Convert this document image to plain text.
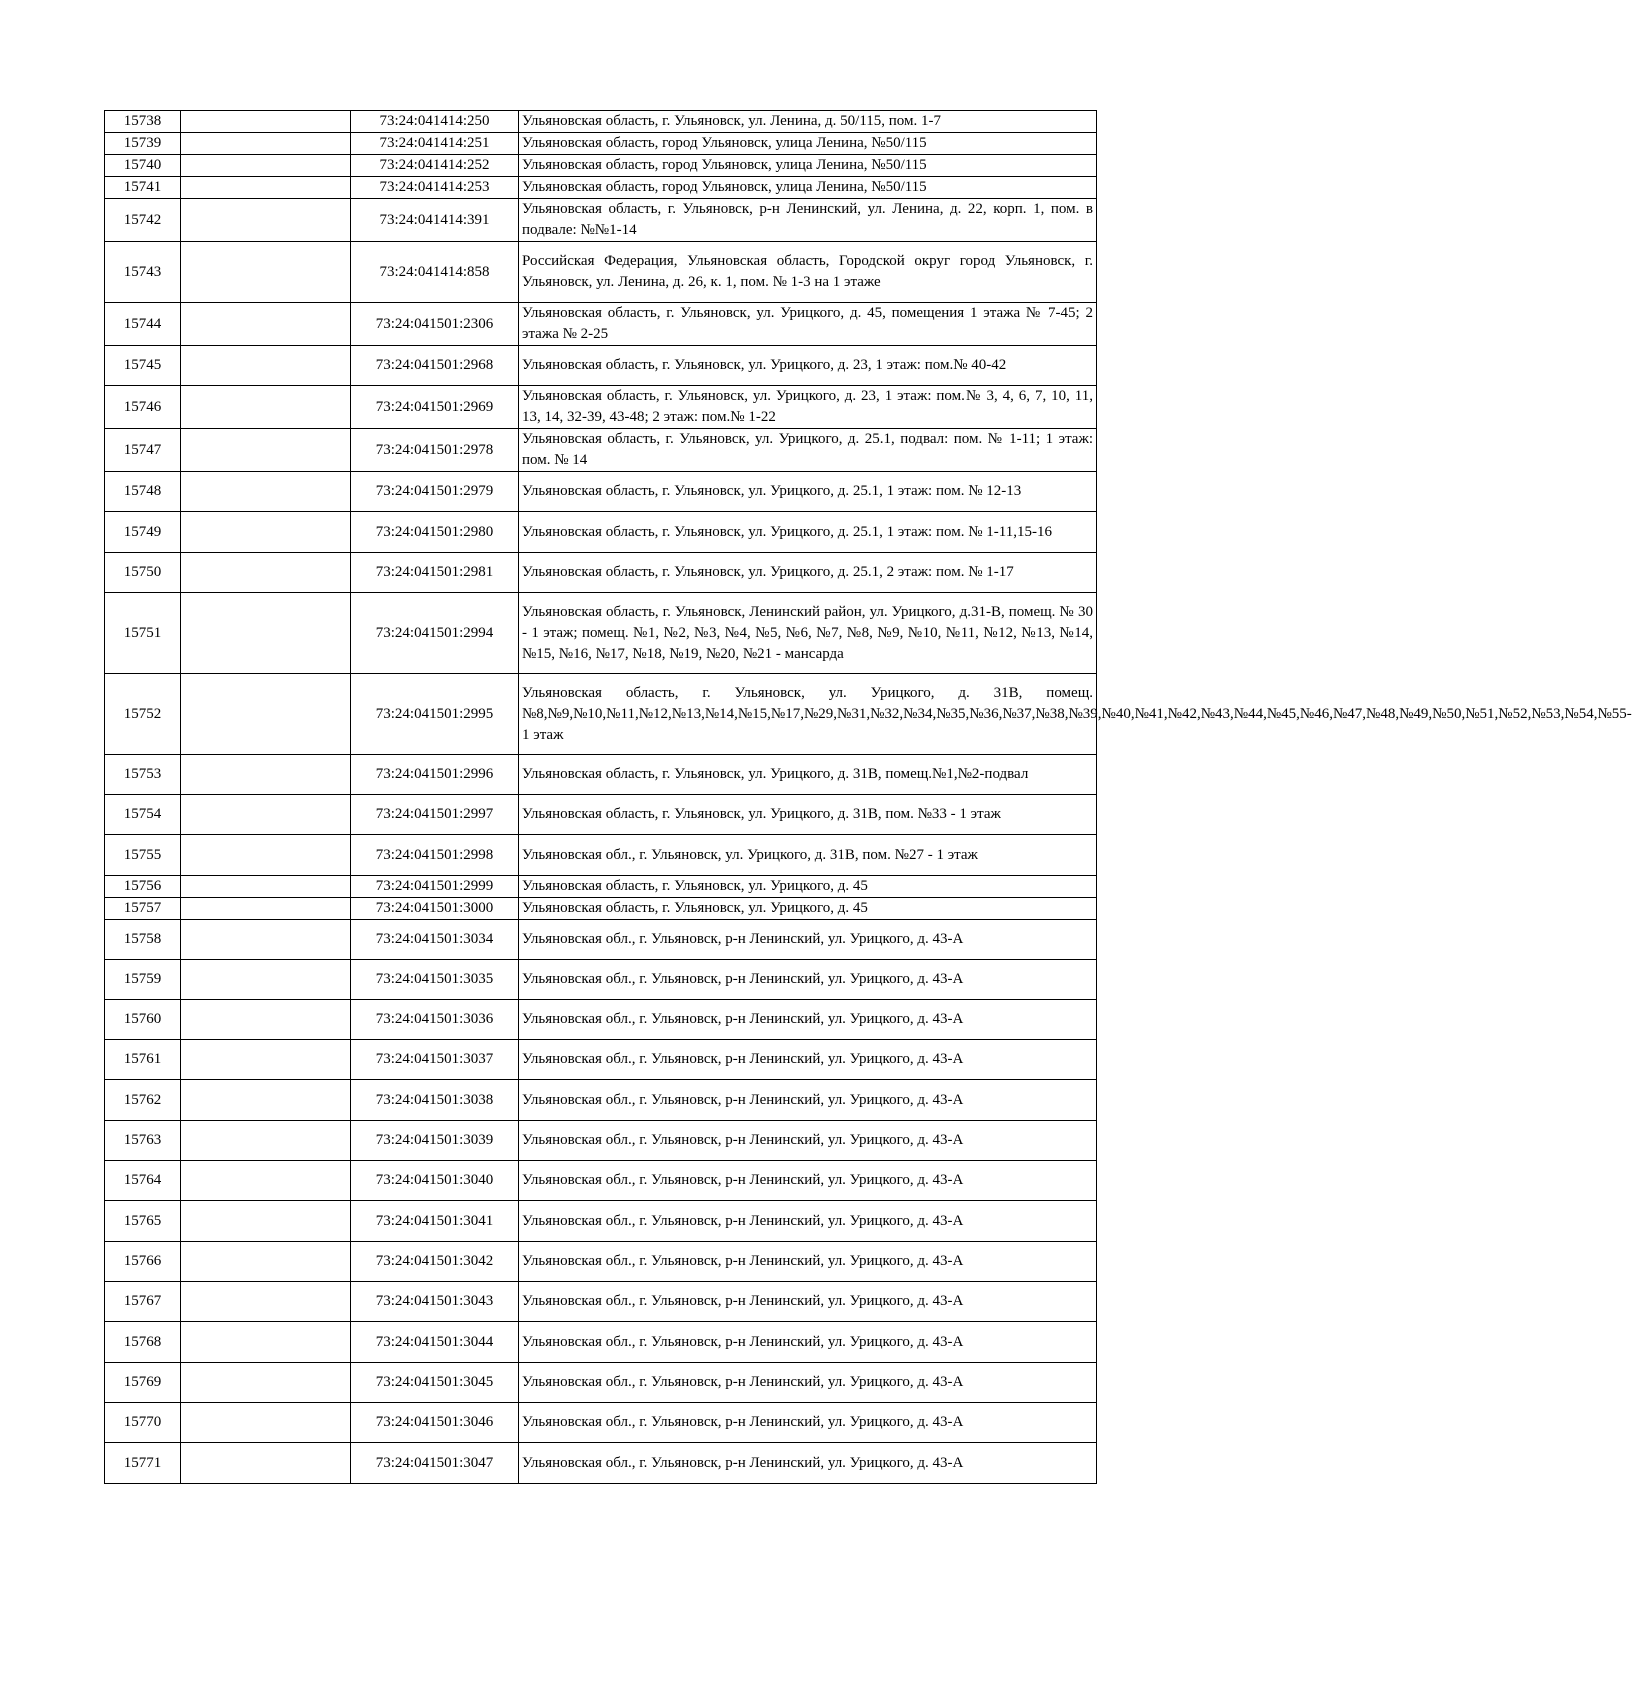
15738		73:24:041414:250	Ульяновская область, г. Ульяновск, ул. Ленина, д. 50/115, пом. 1-7
15739		73:24:041414:251	Ульяновская область, город Ульяновск, улица Ленина, №50/115
15740		73:24:041414:252	Ульяновская область, город Ульяновск, улица Ленина, №50/115
15741		73:24:041414:253	Ульяновская область, город Ульяновск, улица Ленина, №50/115
15742		73:24:041414:391	Ульяновская область, г. Ульяновск, р-н Ленинский, ул. Ленина, д. 22, корп. 1, пом. в подвале: №№1-14
15743		73:24:041414:858	Российская Федерация, Ульяновская область, Городской округ город Ульяновск, г. Ульяновск, ул. Ленина, д. 26, к. 1, пом. № 1-3 на 1 этаже
15744		73:24:041501:2306	Ульяновская область, г. Ульяновск, ул. Урицкого, д. 45, помещения 1 этажа № 7-45; 2 этажа № 2-25
15745		73:24:041501:2968	Ульяновская область, г. Ульяновск, ул. Урицкого, д. 23, 1 этаж: пом.№ 40-42
15746		73:24:041501:2969	Ульяновская область, г. Ульяновск, ул. Урицкого, д. 23, 1 этаж: пом.№ 3, 4, 6, 7, 10, 11, 13, 14, 32-39, 43-48; 2 этаж: пом.№ 1-22
15747		73:24:041501:2978	Ульяновская область, г. Ульяновск, ул. Урицкого, д. 25.1, подвал: пом. № 1-11; 1 этаж: пом. № 14
15748		73:24:041501:2979	Ульяновская область, г. Ульяновск, ул. Урицкого, д. 25.1, 1 этаж: пом. № 12-13
15749		73:24:041501:2980	Ульяновская область, г. Ульяновск, ул. Урицкого, д. 25.1, 1 этаж: пом. № 1-11,15-16
15750		73:24:041501:2981	Ульяновская область, г. Ульяновск, ул. Урицкого, д. 25.1, 2 этаж: пом. № 1-17
15751		73:24:041501:2994	Ульяновская область, г. Ульяновск, Ленинский район, ул. Урицкого, д.31-В, помещ. № 30 - 1 этаж; помещ. №1, №2, №3, №4, №5, №6, №7, №8, №9, №10, №11, №12, №13, №14, №15, №16, №17, №18, №19, №20, №21 - мансарда
15752		73:24:041501:2995	Ульяновская область, г. Ульяновск, ул. Урицкого, д. 31В, помещ.№8,№9,№10,№11,№12,№13,№14,№15,№17,№29,№31,№32,№34,№35,№36,№37,№38,№39,№40,№41,№42,№43,№44,№45,№46,№47,№48,№49,№50,№51,№52,№53,№54,№55-1 этаж
15753		73:24:041501:2996	Ульяновская область, г. Ульяновск, ул. Урицкого, д. 31В, помещ.№1,№2-подвал
15754		73:24:041501:2997	Ульяновская область, г. Ульяновск, ул. Урицкого, д. 31В, пом. №33 - 1 этаж
15755		73:24:041501:2998	Ульяновская обл., г. Ульяновск, ул. Урицкого, д. 31В, пом. №27 - 1 этаж
15756		73:24:041501:2999	Ульяновская область, г. Ульяновск, ул. Урицкого, д. 45
15757		73:24:041501:3000	Ульяновская область, г. Ульяновск, ул. Урицкого, д. 45
15758		73:24:041501:3034	Ульяновская обл., г. Ульяновск, р-н Ленинский, ул. Урицкого, д. 43-А
15759		73:24:041501:3035	Ульяновская обл., г. Ульяновск, р-н Ленинский, ул. Урицкого, д. 43-А
15760		73:24:041501:3036	Ульяновская обл., г. Ульяновск, р-н Ленинский, ул. Урицкого, д. 43-А
15761		73:24:041501:3037	Ульяновская обл., г. Ульяновск, р-н Ленинский, ул. Урицкого, д. 43-А
15762		73:24:041501:3038	Ульяновская обл., г. Ульяновск, р-н Ленинский, ул. Урицкого, д. 43-А
15763		73:24:041501:3039	Ульяновская обл., г. Ульяновск, р-н Ленинский, ул. Урицкого, д. 43-А
15764		73:24:041501:3040	Ульяновская обл., г. Ульяновск, р-н Ленинский, ул. Урицкого, д. 43-А
15765		73:24:041501:3041	Ульяновская обл., г. Ульяновск, р-н Ленинский, ул. Урицкого, д. 43-А
15766		73:24:041501:3042	Ульяновская обл., г. Ульяновск, р-н Ленинский, ул. Урицкого, д. 43-А
15767		73:24:041501:3043	Ульяновская обл., г. Ульяновск, р-н Ленинский, ул. Урицкого, д. 43-А
15768		73:24:041501:3044	Ульяновская обл., г. Ульяновск, р-н Ленинский, ул. Урицкого, д. 43-А
15769		73:24:041501:3045	Ульяновская обл., г. Ульяновск, р-н Ленинский, ул. Урицкого, д. 43-А
15770		73:24:041501:3046	Ульяновская обл., г. Ульяновск, р-н Ленинский, ул. Урицкого, д. 43-А
15771		73:24:041501:3047	Ульяновская обл., г. Ульяновск, р-н Ленинский, ул. Урицкого, д. 43-А
